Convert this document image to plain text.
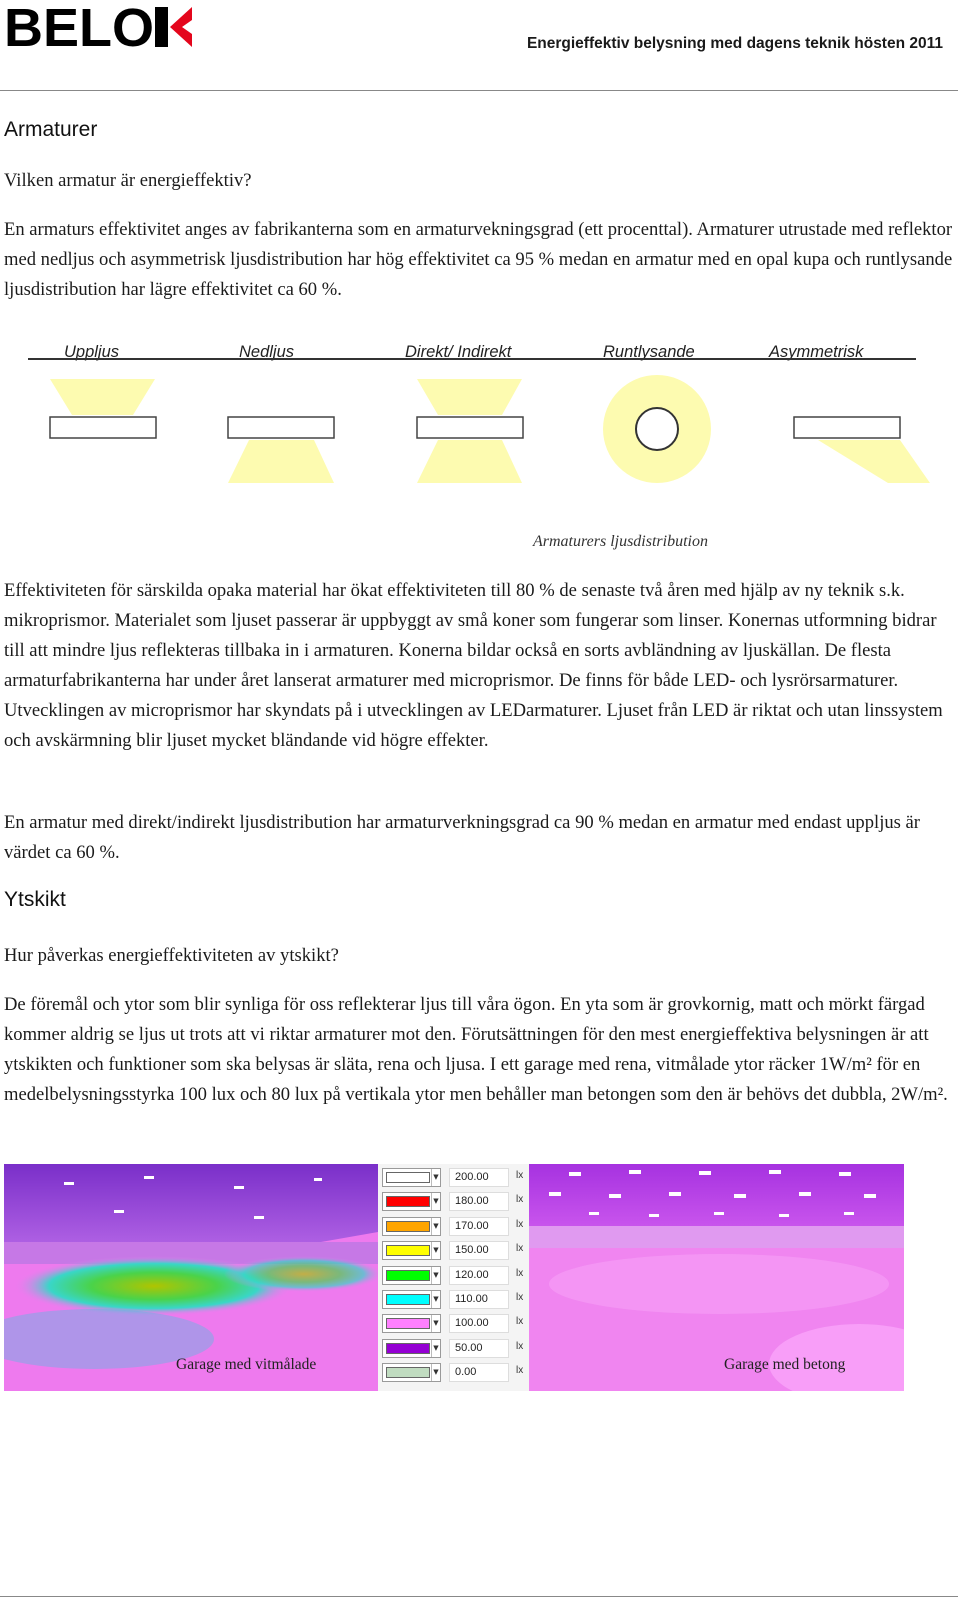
BELO	Energieffektiv belysning med dagens teknik hösten 2011
Armaturer
Vilken armatur är energieffektiv?
En armaturs effektivitet anges av fabrikanterna som en armaturvekningsgrad (ett procenttal). Armaturer utrustade med reflektor med nedljus och asymmetrisk ljusdistribution har hög effektivitet ca 95 % medan en armatur med en opal kupa och runtlysande ljusdistribution har lägre effektivitet ca 60 %.
Uppljus	Nedljus	Direkt/ Indirekt	Runtlysande	Asymmetrisk
Armaturers ljusdistribution
Effektiviteten för särskilda opaka material har ökat effektiviteten till 80 % de senaste två åren med hjälp av ny teknik s.k. mikroprismor. Materialet som ljuset passerar är uppbyggt av små koner som fungerar som linser. Konernas utformning bidrar till att mindre ljus reflekteras tillbaka in i armaturen. Konerna bildar också en sorts avbländning av ljuskällan. De flesta armaturfabrikanterna har under året lanserat armaturer med microprismor. De finns för både LED- och lysrörsarmaturer. Utvecklingen av microprismor har skyndats på i utvecklingen av LEDarmaturer. Ljuset från LED är riktat och utan linssystem och avskärmning blir ljuset mycket bländande vid högre effekter.
En armatur med direkt/indirekt ljusdistribution har armaturverkningsgrad ca 90 % medan en armatur med endast uppljus är värdet ca 60 %.
Ytskikt
Hur påverkas energieffektiviteten av ytskikt?
De föremål och ytor som blir synliga för oss reflekterar ljus till våra ögon. En yta som är grovkornig, matt och mörkt färgad kommer aldrig se ljus ut trots att vi riktar armaturer mot den. Förutsättningen för den mest energieffektiva belysningen är att ytskikten och funktioner som ska belysas är släta, rena och ljusa. I ett garage med rena, vitmålade ytor räcker 1W/m² för en medelbelysningsstyrka 100 lux och 80 lux på vertikala ytor men behåller man betongen som den är behövs det dubbla, 2W/m².
Garage med vitmålade
▼	200.00	lx
▼	180.00	lx
▼	170.00	lx
▼	150.00	lx
▼	120.00	lx
▼	110.00	lx
▼	100.00	lx
▼	50.00	lx
▼	0.00	lx	Garage med betong
